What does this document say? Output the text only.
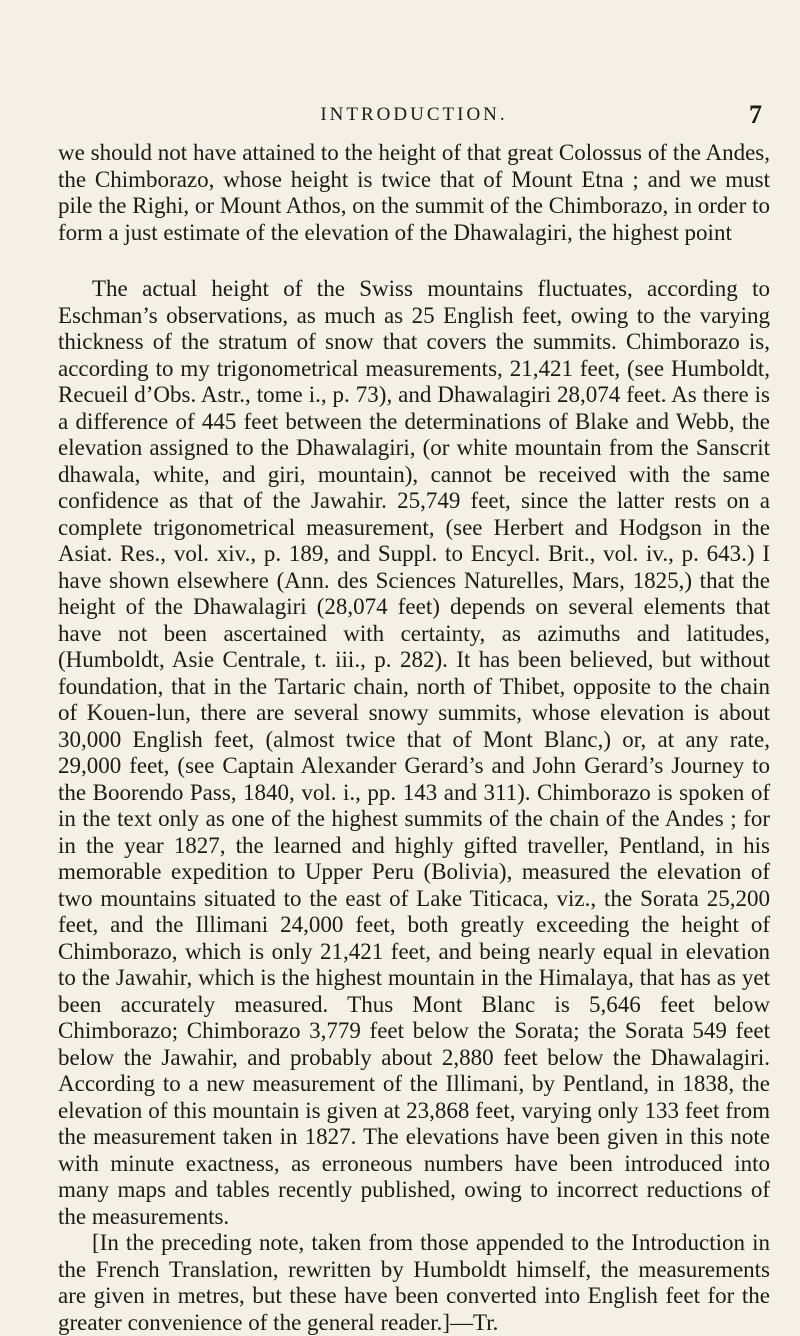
INTRODUCTION.	7

we should not have attained to the height of that great Colossus of the Andes, the Chimborazo, whose height is twice that of Mount Etna ; and we must pile the Righi, or Mount Athos, on the summit of the Chimborazo, in order to form a just estimate of the elevation of the Dhawalagiri, the highest point

The actual height of the Swiss mountains fluctuates, according to Eschman’s observations, as much as 25 English feet, owing to the varying thickness of the stratum of snow that covers the summits. Chimborazo is, according to my trigonometrical measurements, 21,421 feet, (see Humboldt, Recueil d’Obs. Astr., tome i., p. 73), and Dhawalagiri 28,074 feet. As there is a difference of 445 feet between the determinations of Blake and Webb, the elevation assigned to the Dhawalagiri, (or white mountain from the Sanscrit dhawala, white, and giri, mountain), cannot be received with the same confidence as that of the Jawahir. 25,749 feet, since the latter rests on a complete trigonometrical measurement, (see Herbert and Hodgson in the Asiat. Res., vol. xiv., p. 189, and Suppl. to Encycl. Brit., vol. iv., p. 643.) I have shown elsewhere (Ann. des Sciences Naturelles, Mars, 1825,) that the height of the Dhawalagiri (28,074 feet) depends on several elements that have not been ascertained with certainty, as azimuths and latitudes, (Humboldt, Asie Centrale, t. iii., p. 282). It has been believed, but without foundation, that in the Tartaric chain, north of Thibet, opposite to the chain of Kouen-lun, there are several snowy summits, whose elevation is about 30,000 English feet, (almost twice that of Mont Blanc,) or, at any rate, 29,000 feet, (see Captain Alexander Gerard’s and John Gerard’s Journey to the Boorendo Pass, 1840, vol. i., pp. 143 and 311). Chimborazo is spoken of in the text only as one of the highest summits of the chain of the Andes ; for in the year 1827, the learned and highly gifted traveller, Pentland, in his memorable expedition to Upper Peru (Bolivia), measured the elevation of two mountains situated to the east of Lake Titicaca, viz., the Sorata 25,200 feet, and the Illimani 24,000 feet, both greatly exceeding the height of Chimborazo, which is only 21,421 feet, and being nearly equal in elevation to the Jawahir, which is the highest mountain in the Himalaya, that has as yet been accurately measured. Thus Mont Blanc is 5,646 feet below Chimborazo; Chimborazo 3,779 feet below the Sorata; the Sorata 549 feet below the Jawahir, and probably about 2,880 feet below the Dhawalagiri. According to a new measurement of the Illimani, by Pentland, in 1838, the elevation of this mountain is given at 23,868 feet, varying only 133 feet from the measurement taken in 1827. The elevations have been given in this note with minute exactness, as erroneous numbers have been introduced into many maps and tables recently published, owing to incorrect reductions of the measurements.

[In the preceding note, taken from those appended to the Introduction in the French Translation, rewritten by Humboldt himself, the measurements are given in metres, but these have been converted into English feet for the greater convenience of the general reader.]—Tr.
